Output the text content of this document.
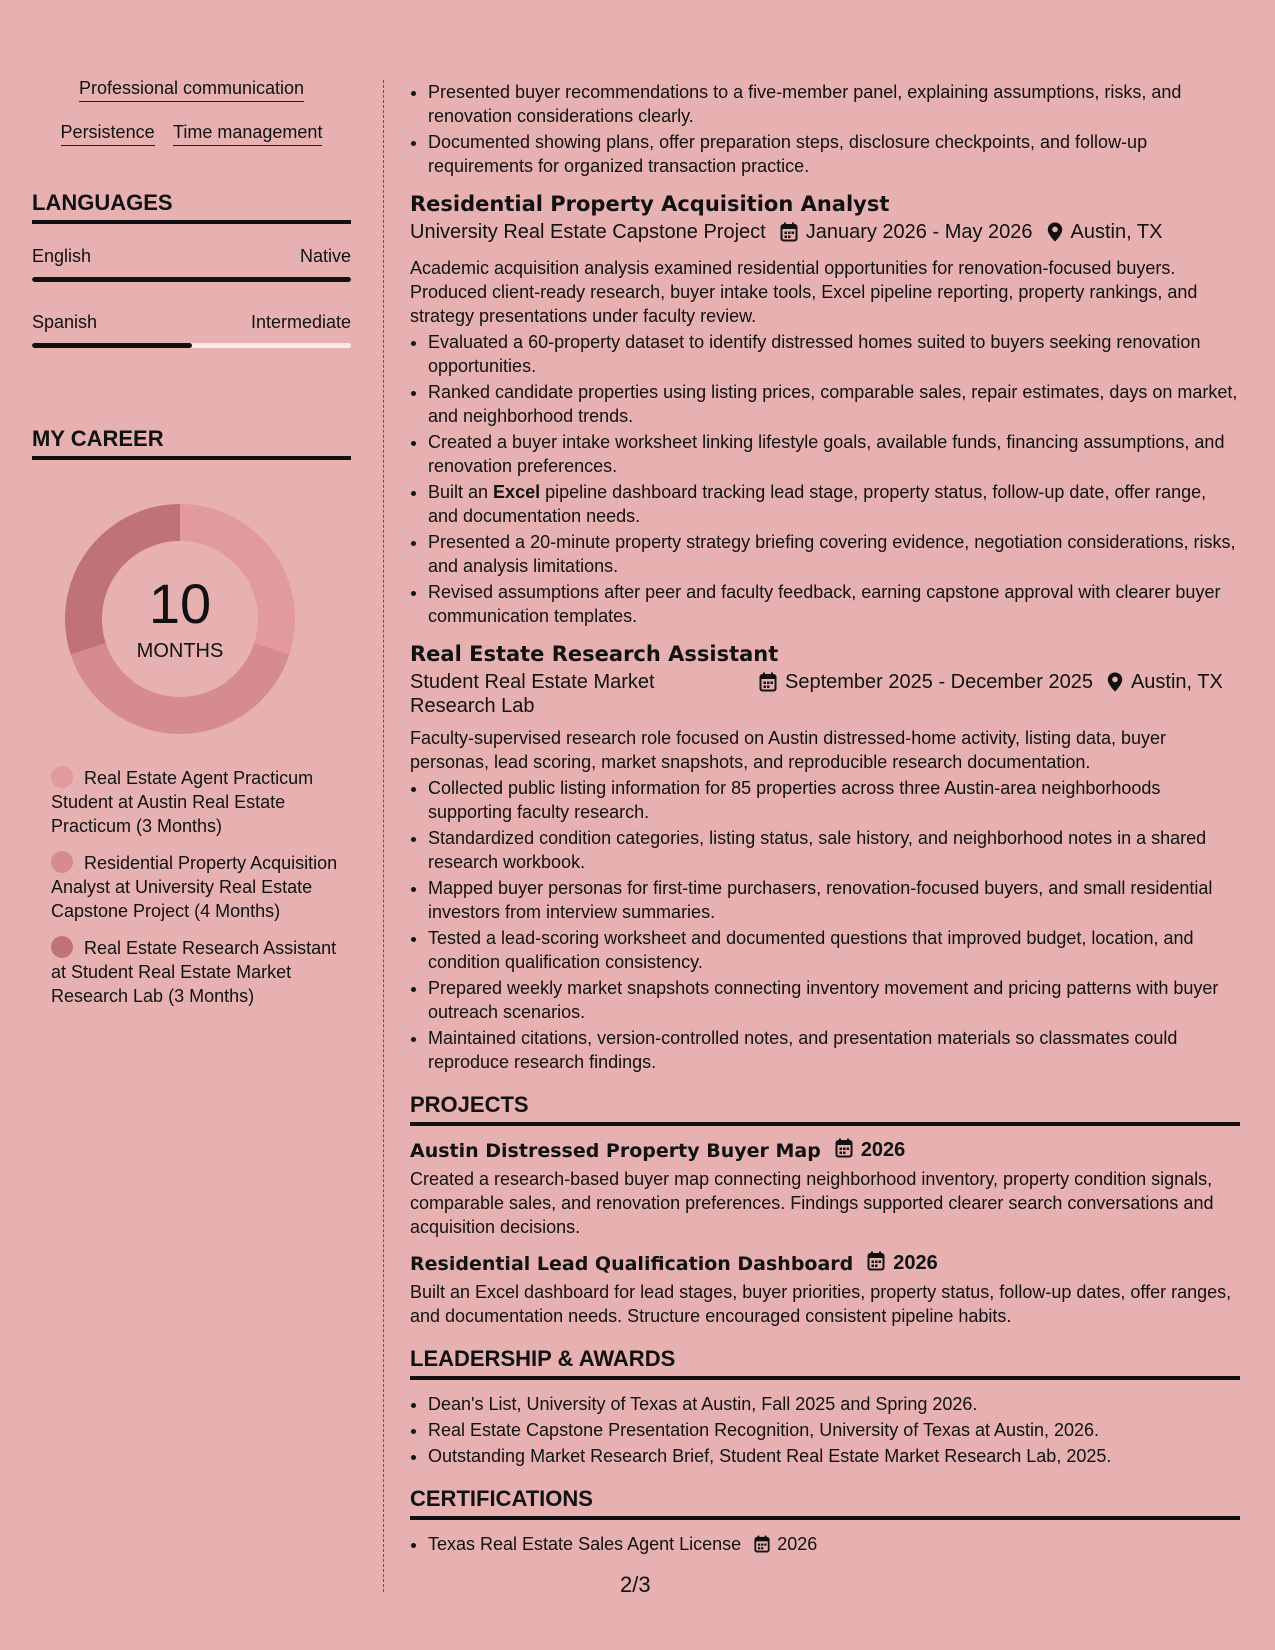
Professional communication
Persistence Time management
LANGUAGES
English	Native
Spanish	Intermediate
MY CAREER
10
MONTHS
Real Estate Agent Practicum Student at Austin Real Estate Practicum (3 Months)
Residential Property Acquisition Analyst at University Real Estate Capstone Project (4 Months)
Real Estate Research Assistant at Student Real Estate Market Research Lab (3 Months)
• Presented buyer recommendations to a five-member panel, explaining assumptions, risks, and renovation considerations clearly.
• Documented showing plans, offer preparation steps, disclosure checkpoints, and follow-up requirements for organized transaction practice.
Residential Property Acquisition Analyst
University Real Estate Capstone Project January 2026 - May 2026 Austin, TX

Academic acquisition analysis examined residential opportunities for renovation-focused buyers. Produced client-ready research, buyer intake tools, Excel pipeline reporting, property rankings, and strategy presentations under faculty review.

• Evaluated a 60-property dataset to identify distressed homes suited to buyers seeking renovation opportunities.
• Ranked candidate properties using listing prices, comparable sales, repair estimates, days on market, and neighborhood trends.
• Created a buyer intake worksheet linking lifestyle goals, available funds, financing assumptions, and renovation preferences.
• Built an Excel pipeline dashboard tracking lead stage, property status, follow-up date, offer range, and documentation needs.
• Presented a 20-minute property strategy briefing covering evidence, negotiation considerations, risks, and analysis limitations.
• Revised assumptions after peer and faculty feedback, earning capstone approval with clearer buyer communication templates.
Real Estate Research Assistant
Student Real Estate Market Research Lab
September 2025 - December 2025 Austin, TX

Faculty-supervised research role focused on Austin distressed-home activity, listing data, buyer personas, lead scoring, market snapshots, and reproducible research documentation.

• Collected public listing information for 85 properties across three Austin-area neighborhoods supporting faculty research.
• Standardized condition categories, listing status, sale history, and neighborhood notes in a shared research workbook.
• Mapped buyer personas for first-time purchasers, renovation-focused buyers, and small residential investors from interview summaries.
• Tested a lead-scoring worksheet and documented questions that improved budget, location, and condition qualification consistency.
• Prepared weekly market snapshots connecting inventory movement and pricing patterns with buyer outreach scenarios.
• Maintained citations, version-controlled notes, and presentation materials so classmates could reproduce research findings.
PROJECTS
Austin Distressed Property Buyer Map 2026

Created a research-based buyer map connecting neighborhood inventory, property condition signals, comparable sales, and renovation preferences. Findings supported clearer search conversations and acquisition decisions.

Residential Lead Qualification Dashboard 2026

Built an Excel dashboard for lead stages, buyer priorities, property status, follow-up dates, offer ranges, and documentation needs. Structure encouraged consistent pipeline habits.

LEADERSHIP & AWARDS
• Dean's List, University of Texas at Austin, Fall 2025 and Spring 2026.
• Real Estate Capstone Presentation Recognition, University of Texas at Austin, 2026.
• Outstanding Market Research Brief, Student Real Estate Market Research Lab, 2025.
CERTIFICATIONS
• Texas Real Estate Sales Agent License 2026
2/3
